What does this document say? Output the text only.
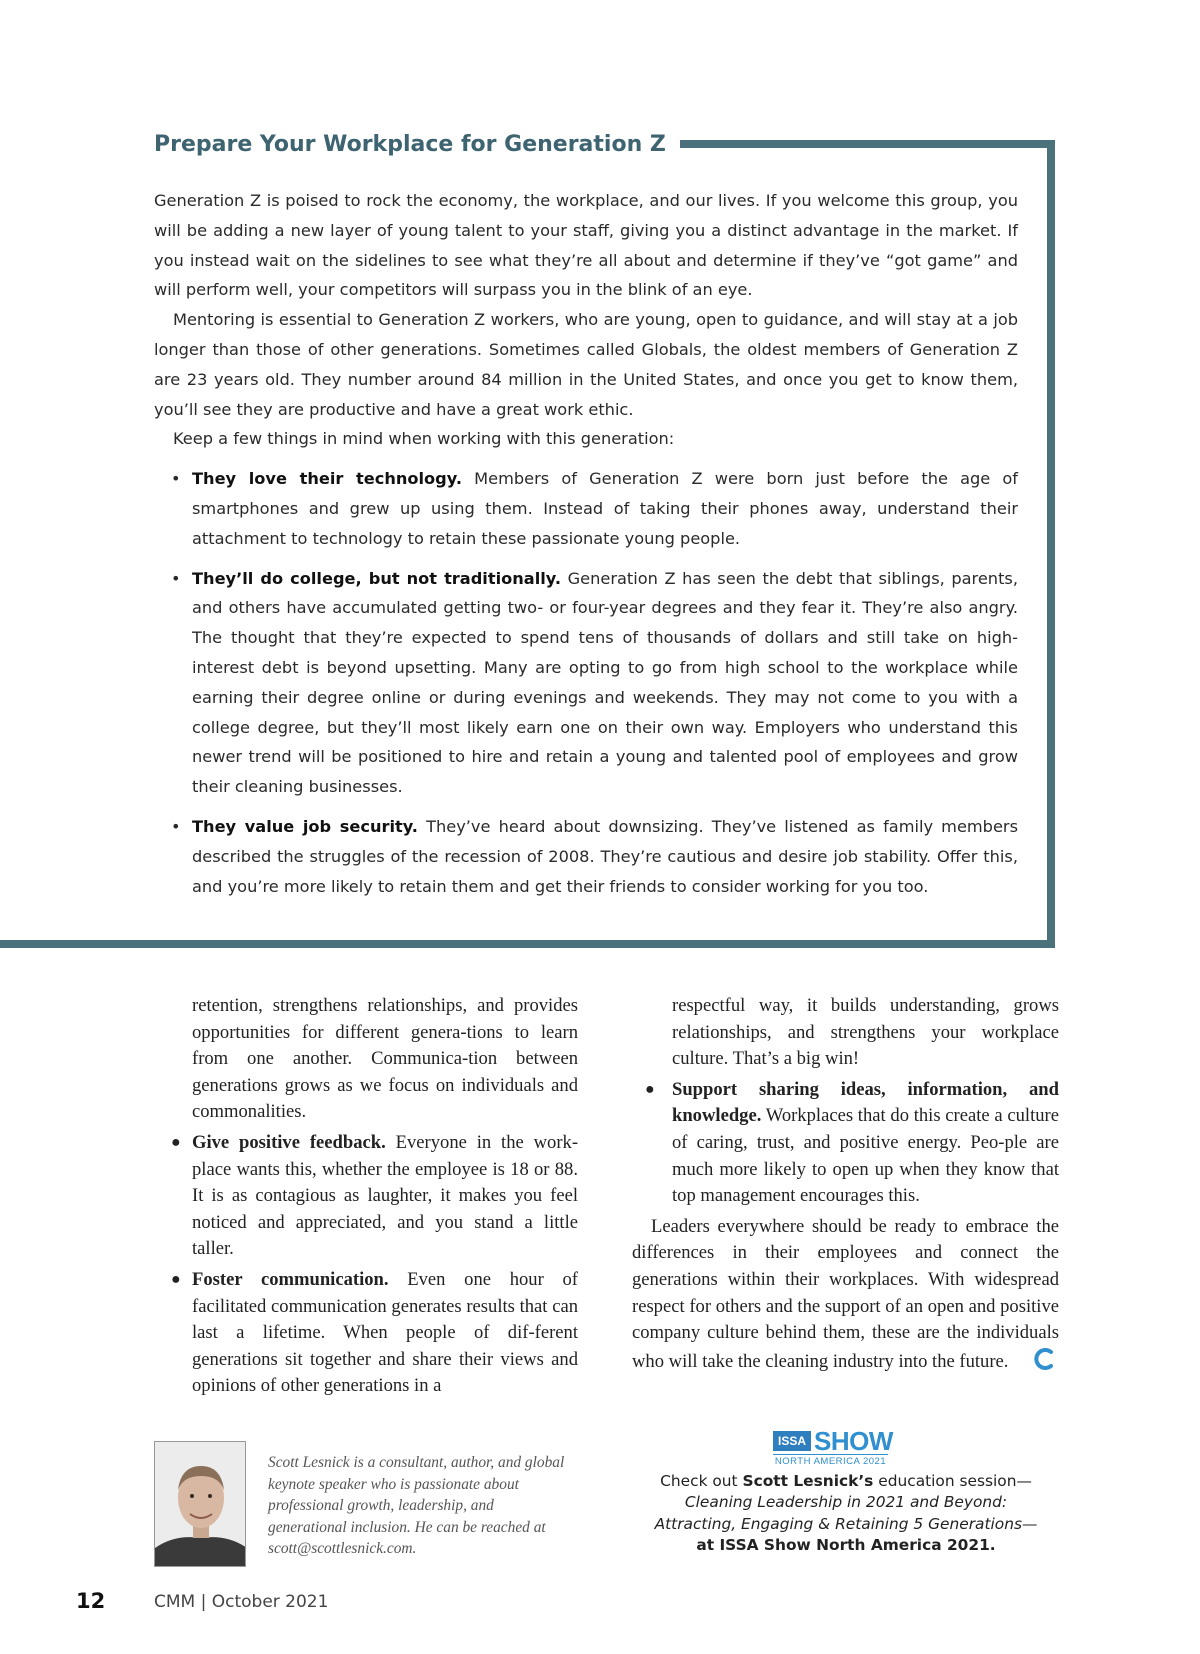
Prepare Your Workplace for Generation Z

Generation Z is poised to rock the economy, the workplace, and our lives. If you welcome this group, you will be adding a new layer of young talent to your staff, giving you a distinct advantage in the market. If you instead wait on the sidelines to see what they’re all about and determine if they’ve “got game” and will perform well, your competitors will surpass you in the blink of an eye.

Mentoring is essential to Generation Z workers, who are young, open to guidance, and will stay at a job longer than those of other generations. Sometimes called Globals, the oldest members of Generation Z are 23 years old. They number around 84 million in the United States, and once you get to know them, you’ll see they are productive and have a great work ethic.

Keep a few things in mind when working with this generation:

• They love their technology. Members of Generation Z were born just before the age of smartphones and grew up using them. Instead of taking their phones away, understand their attachment to technology to retain these passionate young people.
• They’ll do college, but not traditionally. Generation Z has seen the debt that siblings, parents, and others have accumulated getting two- or four-year degrees and they fear it. They’re also angry. The thought that they’re expected to spend tens of thousands of dollars and still take on high-interest debt is beyond upsetting. Many are opting to go from high school to the workplace while earning their degree online or during evenings and weekends. They may not come to you with a college degree, but they’ll most likely earn one on their own way. Employers who understand this newer trend will be positioned to hire and retain a young and talented pool of employees and grow their cleaning businesses.
• They value job security. They’ve heard about downsizing. They’ve listened as family members described the struggles of the recession of 2008. They’re cautious and desire job stability. Offer this, and you’re more likely to retain them and get their friends to consider working for you too.

retention, strengthens relationships, and provides opportunities for different genera-tions to learn from one another. Communica-tion between generations grows as we focus on individuals and commonalities.

● Give positive feedback. Everyone in the work-place wants this, whether the employee is 18 or 88. It is as contagious as laughter, it makes you feel noticed and appreciated, and you stand a little taller.

● Foster communication. Even one hour of facilitated communication generates results that can last a lifetime. When people of dif-ferent generations sit together and share their views and opinions of other generations in a

respectful way, it builds understanding, grows relationships, and strengthens your workplace culture. That’s a big win!

● Support sharing ideas, information, and knowledge. Workplaces that do this create a culture of caring, trust, and positive energy. Peo-ple are much more likely to open up when they know that top management encourages this.

Leaders everywhere should be ready to embrace the differences in their employees and connect the generations within their workplaces. With widespread respect for others and the support of an open and positive company culture behind them, these are the individuals who will take the cleaning industry into the future.

Scott Lesnick is a consultant, author, and global keynote speaker who is passionate about professional growth, leadership, and generational inclusion. He can be reached at scott@scottlesnick.com.
ISSA SHOW
NORTH AMERICA 2021
Check out Scott Lesnick’s education session—
Cleaning Leadership in 2021 and Beyond:
Attracting, Engaging & Retaining 5 Generations—
at ISSA Show North America 2021.
12	CMM | October 2021
